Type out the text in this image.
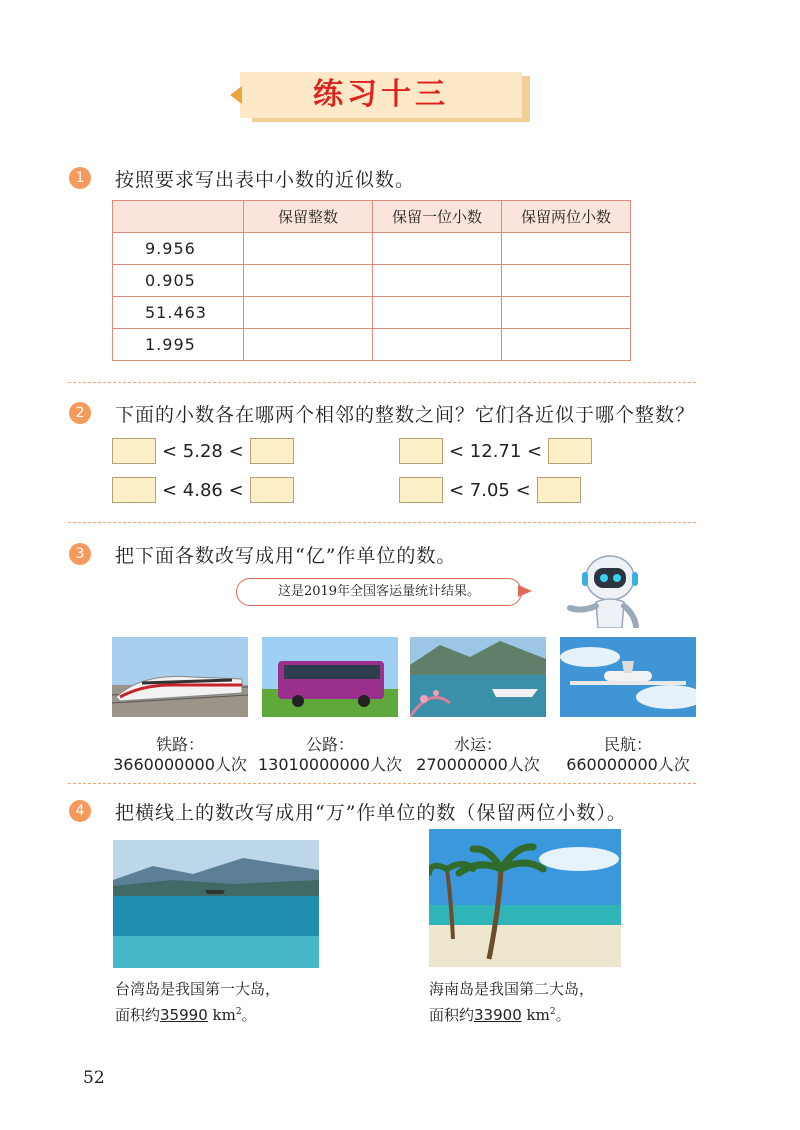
练习十三
1	按照要求写出表中小数的近似数。
	保留整数	保留一位小数	保留两位小数
9.956			
0.905			
51.463			
1.995			
2	下面的小数各在哪两个相邻的整数之间？它们各近似于哪个整数？
< 5.28 <	< 12.71 <
< 4.86 <	< 7.05 <
3	把下面各数改写成用“亿”作单位的数。
这是2019年全国客运量统计结果。
铁路：
3660000000人次
公路：
13010000000人次
水运：
270000000人次
民航：
660000000人次
4	把横线上的数改写成用“万”作单位的数（保留两位小数）。
台湾岛是我国第一大岛，
面积约35990 $km^2$。
海南岛是我国第二大岛，
面积约33900 $km^2$。
52
